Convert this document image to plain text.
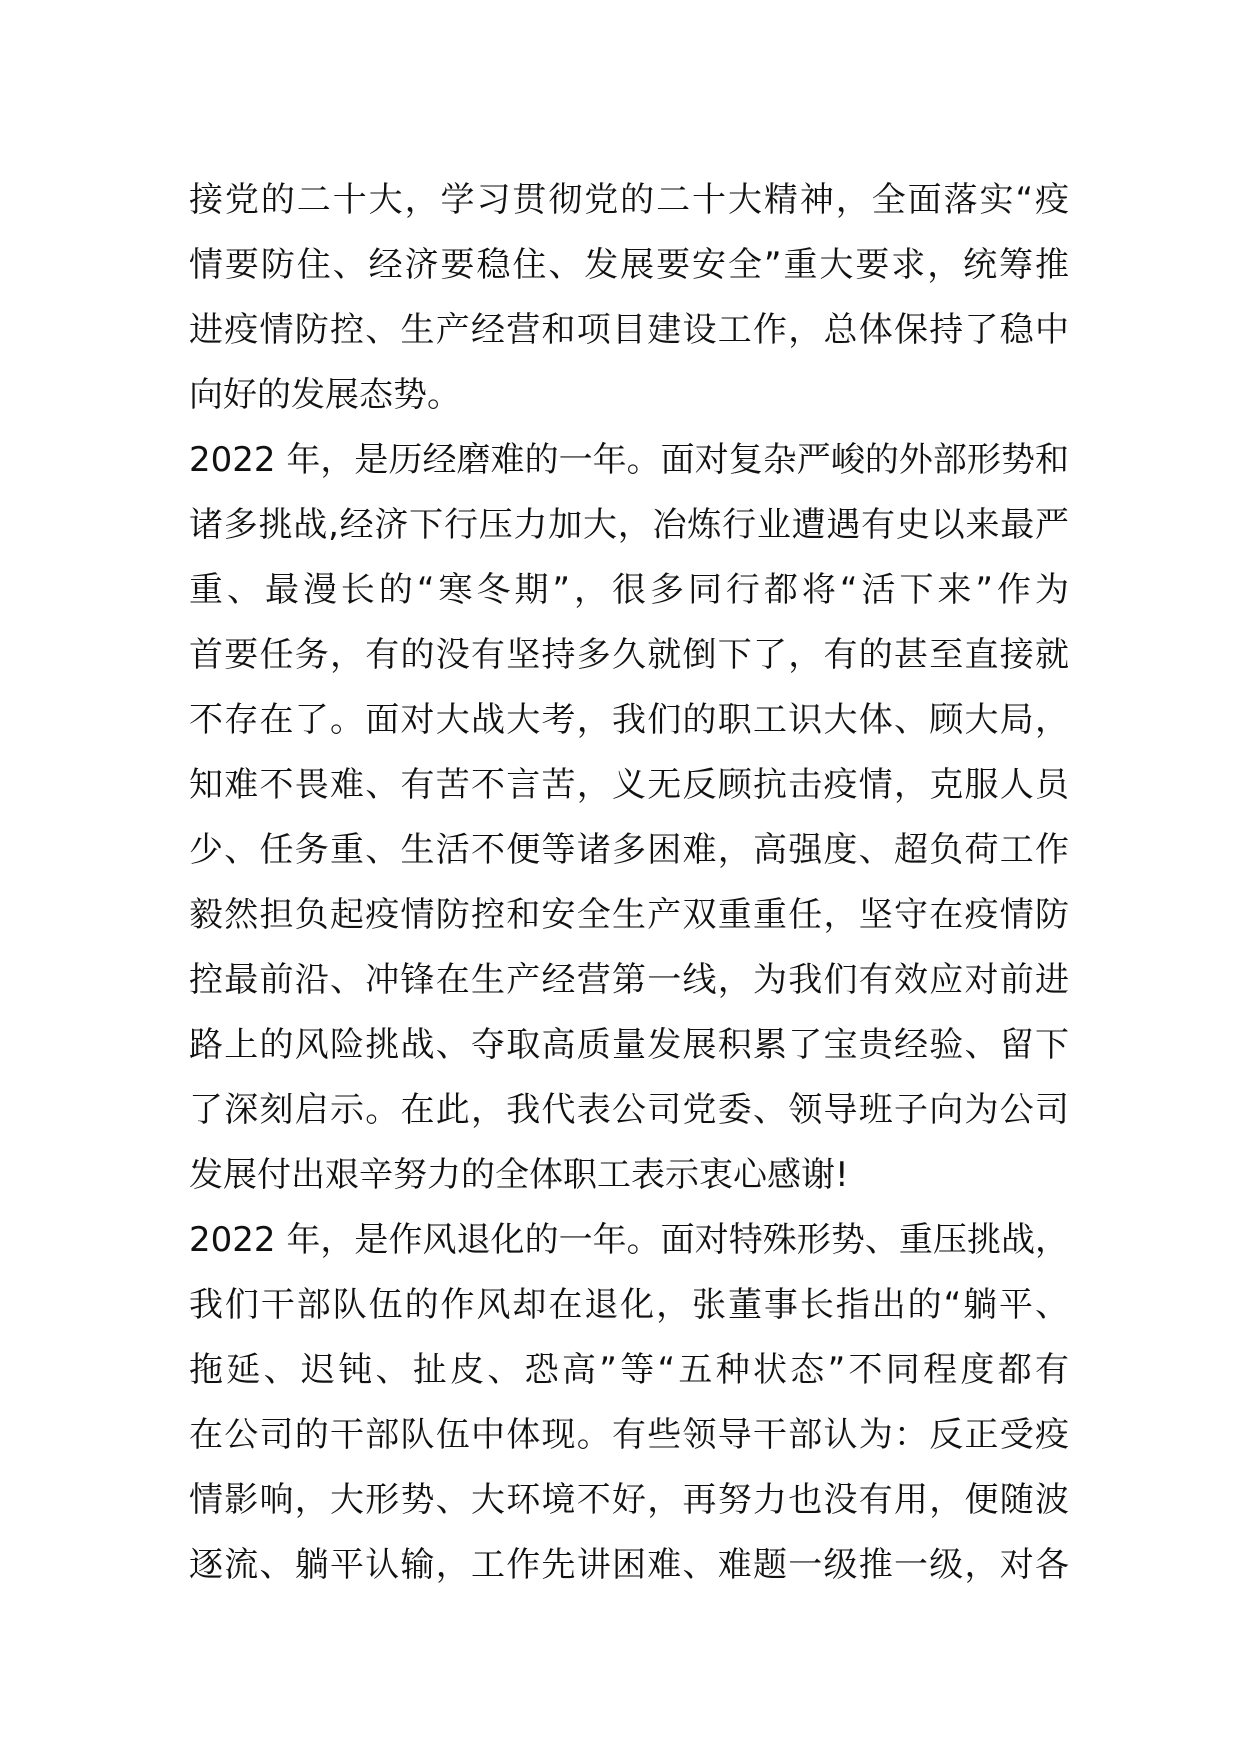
接党的二十大，学习贯彻党的二十大精神，全面落实“疫
情要防住、经济要稳住、发展要安全”重大要求，统筹推
进疫情防控、生产经营和项目建设工作，总体保持了稳中
向好的发展态势。
2022 年，是历经磨难的一年。面对复杂严峻的外部形势和
诸多挑战,经济下行压力加大，冶炼行业遭遇有史以来最严
重、最漫长的“寒冬期”，很多同行都将“活下来”作为
首要任务，有的没有坚持多久就倒下了，有的甚至直接就
不存在了。面对大战大考，我们的职工识大体、顾大局，
知难不畏难、有苦不言苦，义无反顾抗击疫情，克服人员
少、任务重、生活不便等诸多困难，高强度、超负荷工作
毅然担负起疫情防控和安全生产双重重任，坚守在疫情防
控最前沿、冲锋在生产经营第一线，为我们有效应对前进
路上的风险挑战、夺取高质量发展积累了宝贵经验、留下
了深刻启示。在此，我代表公司党委、领导班子向为公司
发展付出艰辛努力的全体职工表示衷心感谢!
2022 年，是作风退化的一年。面对特殊形势、重压挑战，
我们干部队伍的作风却在退化，张董事长指出的“躺平、
拖延、迟钝、扯皮、恐高”等“五种状态”不同程度都有
在公司的干部队伍中体现。有些领导干部认为：反正受疫
情影响，大形势、大环境不好，再努力也没有用，便随波
逐流、躺平认输，工作先讲困难、难题一级推一级，对各
